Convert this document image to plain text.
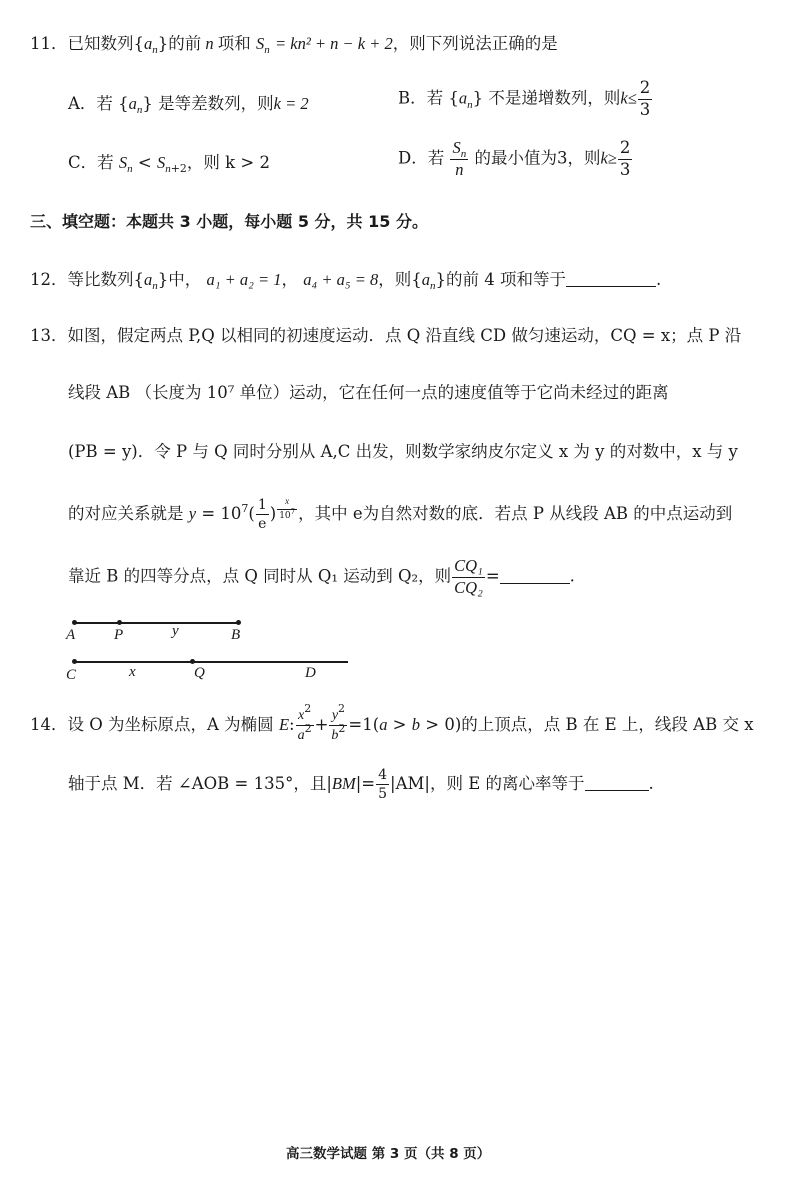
11．已知数列$\{a_n\}$的前 n 项和 $S_n = kn^2 + n - k + 2$，则下列说法正确的是
A．若 $\{a_n\}$ 是等差数列，则k = 2	B．若 $\{a_n\}$ 不是递增数列，则$k\le \frac{2}{3}$
C．若 $S_n < S_{n+2}$，则 k > 2	D．若 $\frac{S_n}{n}$ 的最小值为3，则$k\ge \frac{2}{3}$
三、填空题：本题共 3 小题，每小题 5 分，共 15 分。
12．等比数列$\{a_n\}$中， a₁ + a₂ = 1， a₄ + a₅ = 8，则$\{a_n\}$的前 4 项和等于	.
13．如图，假定两点 P,Q 以相同的初速度运动．点 Q 沿直线 CD 做匀速运动，CQ = x；点 P 沿
线段 AB （长度为 10⁷ 单位）运动，它在任何一点的速度值等于它尚未经过的距离
(PB = y)．令 P 与 Q 同时分别从 A,C 出发，则数学家纳皮尔定义 x 为 y 的对数中，x 与 y
的对应关系就是 $y = 10^7( \frac{1}{e}$ ) $^{\frac{x}{10^7}}$ ，其中 e为自然对数的底．若点 P 从线段 AB 的中点运动到
靠近 B 的四等分点，点 Q 同时从 Q₁ 运动到 Q₂，则 $\frac{\text{CQ₁}}{\text{CQ₂}}$ =	.
A	P	y	B
C	x	Q	D
14．设 O 为坐标原点，A 为椭圆 E: $\frac{x^2}{a^2} + \frac{y^2}{b^2} =1(a > b > 0)$的上顶点，点 B 在 E 上，线段 AB 交 x
轴于点 M．若 ∠AOB = 135°，且$|BM|= \frac{4}{5} |AM|$，则 E 的离心率等于	.
高三数学试题 第 3 页（共 8 页）
